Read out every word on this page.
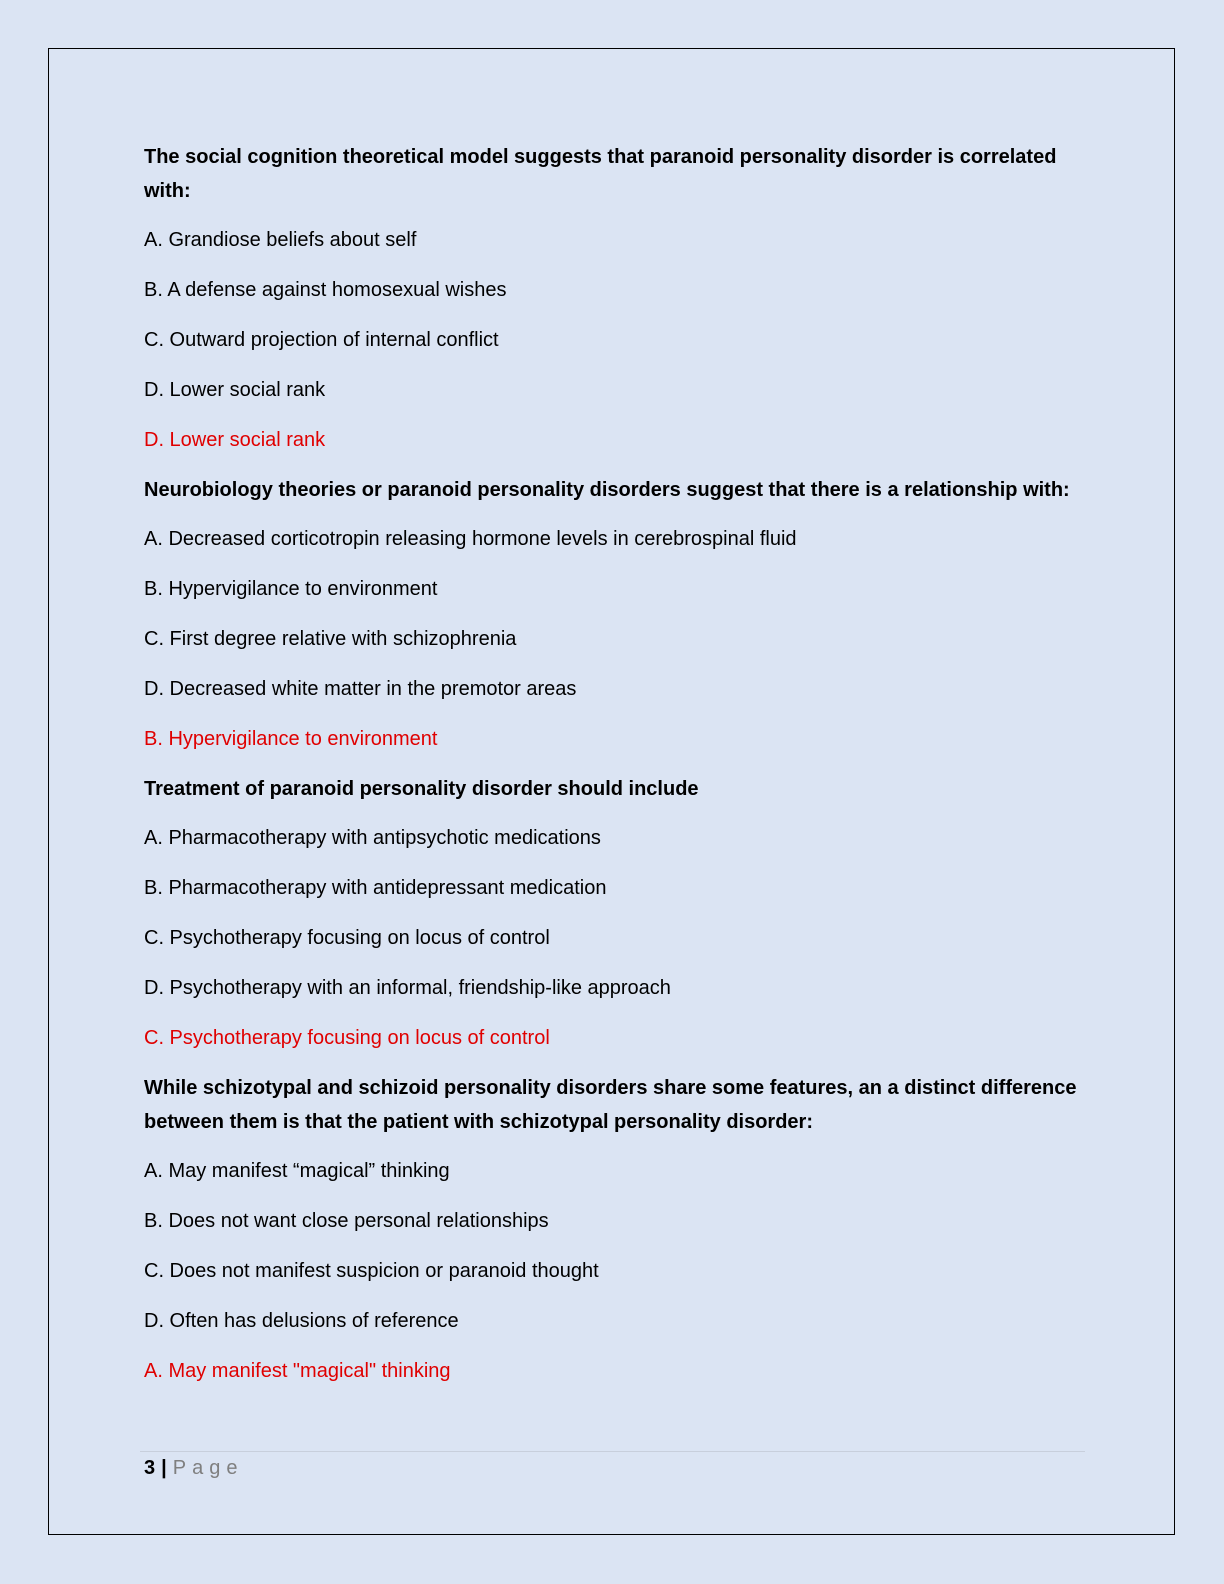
The social cognition theoretical model suggests that paranoid personality disorder is correlated with:

A. Grandiose beliefs about self

B. A defense against homosexual wishes

C. Outward projection of internal conflict

D. Lower social rank

D. Lower social rank

Neurobiology theories or paranoid personality disorders suggest that there is a relationship with:

A. Decreased corticotropin releasing hormone levels in cerebrospinal fluid

B. Hypervigilance to environment

C. First degree relative with schizophrenia

D. Decreased white matter in the premotor areas

B. Hypervigilance to environment

Treatment of paranoid personality disorder should include

A. Pharmacotherapy with antipsychotic medications

B. Pharmacotherapy with antidepressant medication

C. Psychotherapy focusing on locus of control

D. Psychotherapy with an informal, friendship-like approach

C. Psychotherapy focusing on locus of control

While schizotypal and schizoid personality disorders share some features, an a distinct difference between them is that the patient with schizotypal personality disorder:

A. May manifest “magical” thinking

B. Does not want close personal relationships

C. Does not manifest suspicion or paranoid thought

D. Often has delusions of reference

A. May manifest "magical" thinking

3 | Page
